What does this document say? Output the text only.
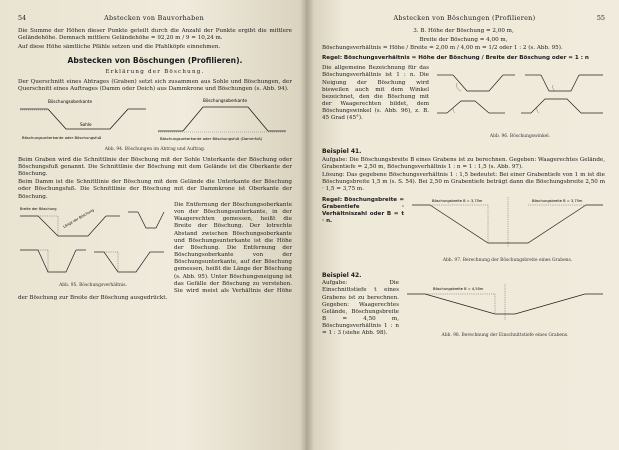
54	Abstecken von Bauvorhaben

Die Summe der Höhen dieser Punkte geteilt durch die Anzahl der Punkte ergibt die mittlere Geländehöhe. Demnach mittlere Geländehöhe = 92,20 m / 9 = 10,24 m.

Auf diese Höhe sämtliche Pfähle setzen und die Pfahlköpfe einnehmen.

Abstecken von Böschungen (Profilieren).
Erklärung der Böschung.

Der Querschnitt eines Abtrages (Graben) setzt sich zusammen aus Sohle und Böschungen, der Querschnitt eines Auftrages (Damm oder Deich) aus Dammkrone und Böschungen (s. Abb. 94).

Böschungsoberkante	Böschungsoberkante
Sohle
Böschungsunterkante oder Böschungsfuß	Böschungsunterkante oder Böschungsfuß (Dammfuß)
Abb. 94. Böschungen im Abtrag und Auftrag.

Beim Graben wird die Schnittlinie der Böschung mit der Sohle Unterkante der Böschung oder Böschungsfuß genannt. Die Schnittlinie der Böschung mit dem Gelände ist die Oberkante der Böschung.

Beim Damm ist die Schnittlinie der Böschung mit dem Gelände die Unterkante der Böschung oder Böschungsfuß. Die Schnittlinie der Böschung mit der Dammkrone ist Oberkante der Böschung.

Breite der Böschung Länge der Böschung
Abb. 95. Böschungsverhältnis.

Die Entfernung der Böschungsoberkante von der Böschungsunterkante, in der Waagerechten gemessen, heißt die Breite der Böschung. Der lotrechte Abstand zwischen Böschungsoberkante und Böschungsunterkante ist die Höhe der Böschung. Die Entfernung der Böschungsoberkante von der Böschungsunterkante, auf der Böschung gemessen, heißt die Länge der Böschung (s. Abb. 95). Unter Böschungsneigung ist das Gefälle der Böschung zu verstehen. Sie wird meist als Verhältnis der Höhe der Böschung zur Breite der Böschung ausgedrückt.

Abstecken von Böschungen (Profilieren)	55

3. B. Höhe der Böschung = 2,00 m,

Breite der Böschung = 4,00 m,

Böschungsverhältnis = Höhe / Breite = 2,00 m / 4,00 m = 1/2 oder 1 : 2 (s. Abb. 95).

Regel: Böschungsverhältnis = Höhe der Böschung / Breite der Böschung oder = 1 : n

Abb. 96. Böschungswinkel.

Die allgemeine Bezeichnung für das Böschungsverhältnis ist 1 : n. Die Neigung der Böschung wird bisweilen auch mit dem Winkel bezeichnet, den die Böschung mit der Waagerechten bildet, dem Böschungswinkel (s. Abb. 96), z. B. 45 Grad (45°).

Beispiel 41.

Aufgabe: Die Böschungsbreite B eines Grabens ist zu berechnen. Gegeben: Waagerechtes Gelände, Grabentiefe = 2,50 m, Böschungsverhältnis 1 : n = 1 : 1,5 (s. Abb. 97).

Lösung: Das gegebene Böschungsverhältnis 1 : 1,5 bedeutet: Bei einer Grabentiefe von 1 m ist die Böschungsbreite 1,5 m (s. S. 54). Bei 2,50 m Grabentiefe beträgt dann die Böschungsbreite 2,50 m · 1,5 = 3,75 m.

Böschungsbreite B = 3,75m	Böschungsbreite B = 3,75m
Abb. 97. Berechnung der Böschungsbreite eines Grabens.

Regel: Böschungsbreite = Grabentiefe · Verhältniszahl oder B = t · n.

Beispiel 42.
Böschungsbreite B = 4,50m
Abb. 98. Berechnung der Einschnittstiefe eines Grabens.

Aufgabe: Die Einschnittstiefe t eines Grabens ist zu berechnen. Gegeben: Waagerechtes Gelände, Böschungsbreite B = 4,50 m, Böschungsverhältnis 1 : n = 1 : 3 (siehe Abb. 98).
